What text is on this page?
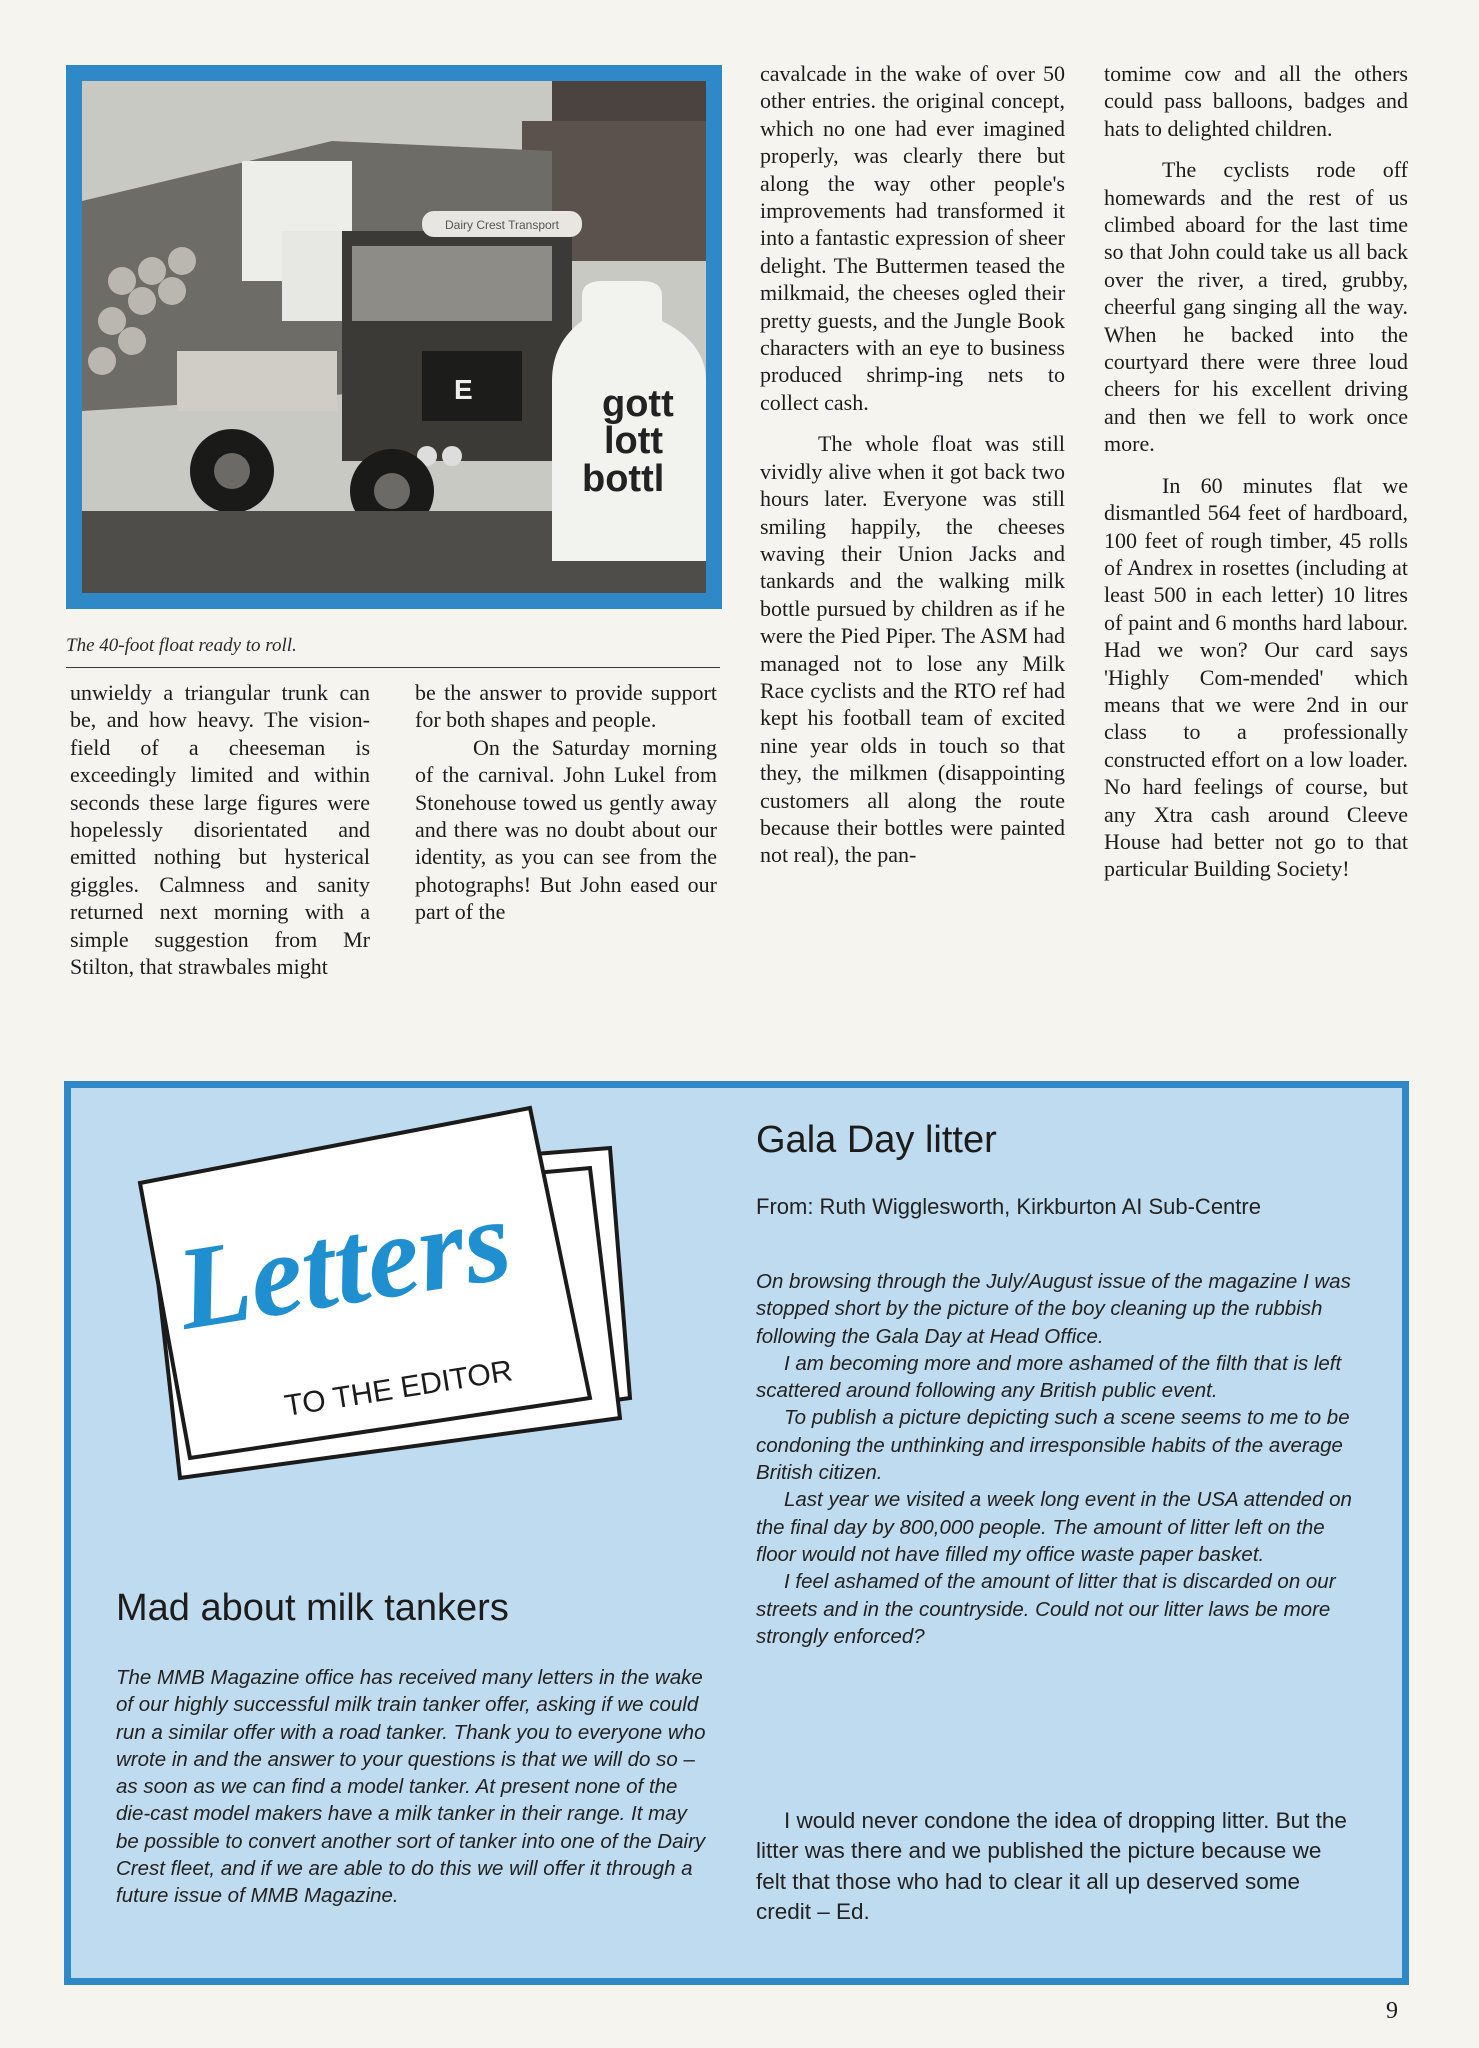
Dairy Crest Transport
E	gott
lott
bottl
The 40-foot float ready to roll.

unwieldy a triangular trunk can be, and how heavy. The vision-field of a cheeseman is exceedingly limited and within seconds these large figures were hopelessly disorientated and emitted nothing but hysterical giggles. Calmness and sanity returned next morning with a simple suggestion from Mr Stilton, that strawbales might

be the answer to provide support for both shapes and people.

On the Saturday morning of the carnival. John Lukel from Stonehouse towed us gently away and there was no doubt about our identity, as you can see from the photographs! But John eased our part of the

cavalcade in the wake of over 50 other entries. the original concept, which no one had ever imagined properly, was clearly there but along the way other people's improvements had transformed it into a fantastic expression of sheer delight. The Buttermen teased the milkmaid, the cheeses ogled their pretty guests, and the Jungle Book characters with an eye to business produced shrimp-ing nets to collect cash.

The whole float was still vividly alive when it got back two hours later. Everyone was still smiling happily, the cheeses waving their Union Jacks and tankards and the walking milk bottle pursued by children as if he were the Pied Piper. The ASM had managed not to lose any Milk Race cyclists and the RTO ref had kept his football team of excited nine year olds in touch so that they, the milkmen (disappointing customers all along the route because their bottles were painted not real), the pan-

tomime cow and all the others could pass balloons, badges and hats to delighted children.

The cyclists rode off homewards and the rest of us climbed aboard for the last time so that John could take us all back over the river, a tired, grubby, cheerful gang singing all the way. When he backed into the courtyard there were three loud cheers for his excellent driving and then we fell to work once more.

In 60 minutes flat we dismantled 564 feet of hardboard, 100 feet of rough timber, 45 rolls of Andrex in rosettes (including at least 500 in each letter) 10 litres of paint and 6 months hard labour. Had we won? Our card says 'Highly Com-mended' which means that we were 2nd in our class to a professionally constructed effort on a low loader. No hard feelings of course, but any Xtra cash around Cleeve House had better not go to that particular Building Society!

Letters
TO THE EDITOR
Mad about milk tankers
The MMB Magazine office has received many letters in the wake of our highly successful milk train tanker offer, asking if we could run a similar offer with a road tanker. Thank you to everyone who wrote in and the answer to your questions is that we will do so – as soon as we can find a model tanker. At present none of the die-cast model makers have a milk tanker in their range. It may be possible to convert another sort of tanker into one of the Dairy Crest fleet, and if we are able to do this we will offer it through a future issue of MMB Magazine.
Gala Day litter
From: Ruth Wigglesworth, Kirkburton AI Sub-Centre

On browsing through the July/August issue of the magazine I was stopped short by the picture of the boy cleaning up the rubbish following the Gala Day at Head Office.

I am becoming more and more ashamed of the filth that is left scattered around following any British public event.

To publish a picture depicting such a scene seems to me to be condoning the unthinking and irresponsible habits of the average British citizen.

Last year we visited a week long event in the USA attended on the final day by 800,000 people. The amount of litter left on the floor would not have filled my office waste paper basket.

I feel ashamed of the amount of litter that is discarded on our streets and in the countryside. Could not our litter laws be more strongly enforced?

I would never condone the idea of dropping litter. But the litter was there and we published the picture because we felt that those who had to clear it all up deserved some credit – Ed.

9
